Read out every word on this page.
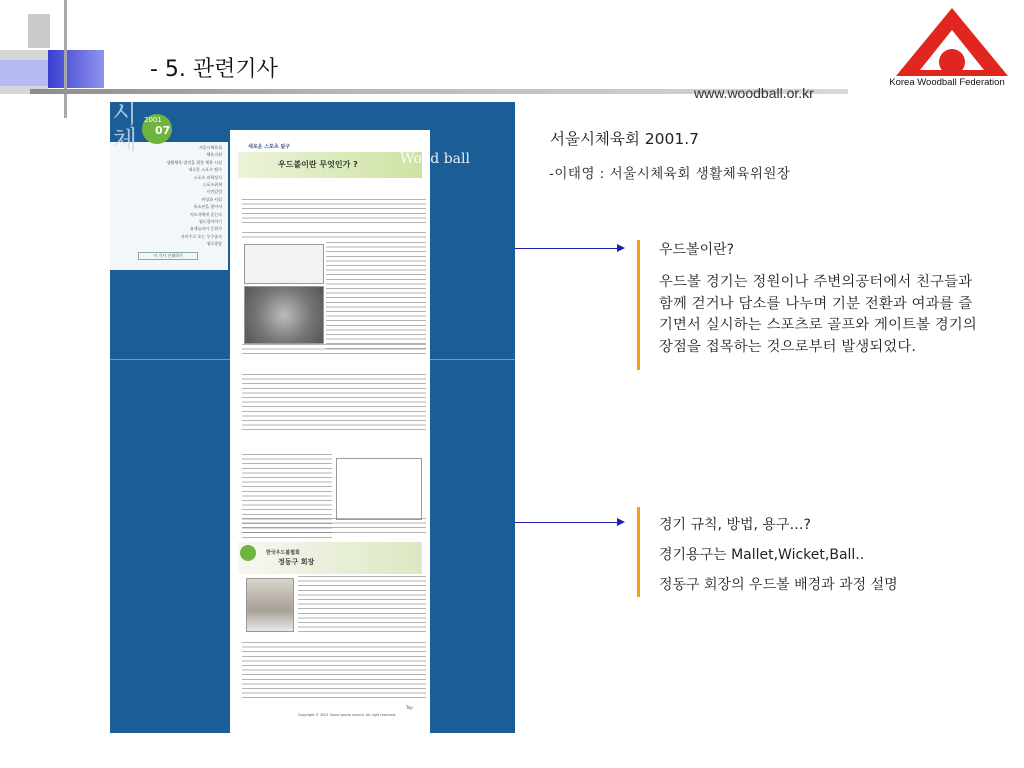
- 5. 관련기사
www.woodball.or.kr
Korea Woodball Federation
시
체
2001
07
서울시체육회
체육지원
생활체육 발전을 위한 체육 시설
새로운 스포츠 탐구
스포츠 과학상식
스포츠취재
시민칼럼
여성과 사업
유소년을 찾아서
지도자에게 묻는다
월드컵이야기
유게놀라이 응원사
사이주로 오는 우수종사
청로광장
이 기사 인쇄하기
새로운 스포츠 탐구
우드볼이란 무엇인가 ?	Wood ball
한국우드볼협회
정동구 회장
Top
Copyright © 2001 Seoul sports council. All right reserved.
서울시체육회 2001.7
-이태영 : 서울시체육회 생활체육위원장
우드볼이란?
우드볼 경기는 정원이나 주변의공터에서 친구들과 함께 걷거나 담소를 나누며 기분 전환과 여과를 즐기면서 실시하는 스포츠로 골프와 게이트볼 경기의 장점을 접목하는 것으로부터 발생되었다.
경기 규칙, 방법, 용구…?
경기용구는 Mallet,Wicket,Ball..
정동구 회장의 우드볼 배경과 과정 설명
